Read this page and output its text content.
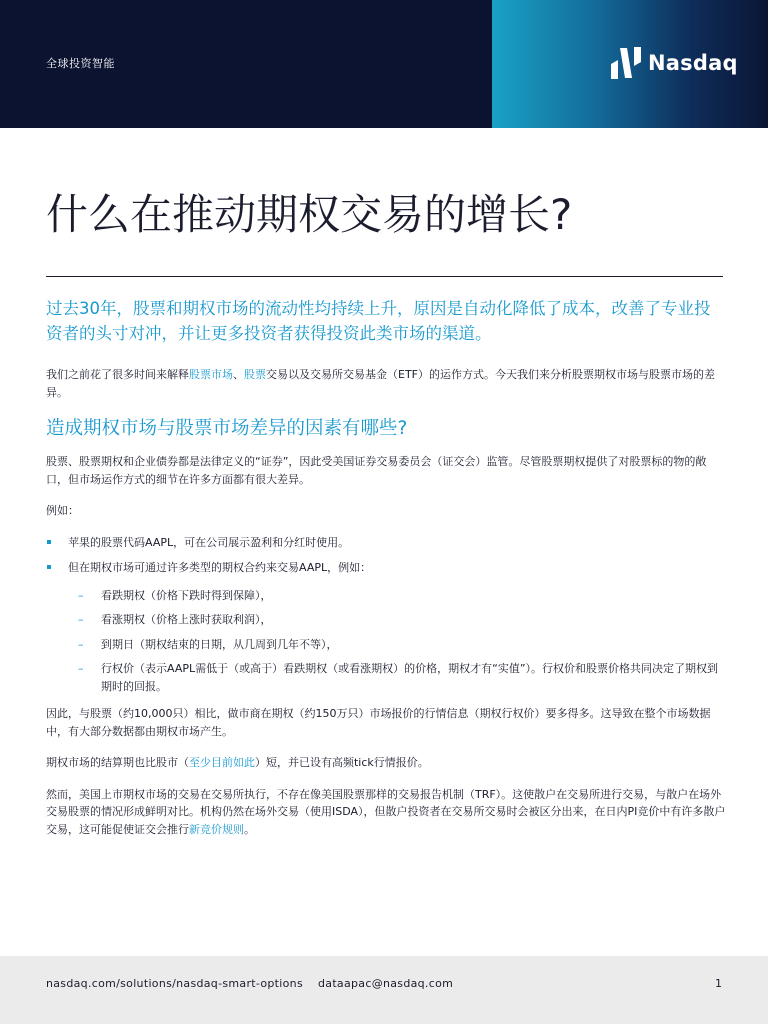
全球投资智能	Nasdaq
什么在推动期权交易的增长?

过去30年，股票和期权市场的流动性均持续上升，原因是自动化降低了成本，改善了专业投资者的头寸对冲，并让更多投资者获得投资此类市场的渠道。

我们之前花了很多时间来解释股票市场、股票交易以及交易所交易基金（ETF）的运作方式。今天我们来分析股票期权市场与股票市场的差异。

造成期权市场与股票市场差异的因素有哪些?

股票、股票期权和企业债券都是法律定义的“证券”，因此受美国证券交易委员会（证交会）监管。尽管股票期权提供了对股票标的物的敞口，但市场运作方式的细节在许多方面都有很大差异。

例如：

苹果的股票代码AAPL，可在公司展示盈利和分红时使用。
但在期权市场可通过许多类型的期权合约来交易AAPL，例如：
– 看跌期权（价格下跌时得到保障），
– 看涨期权（价格上涨时获取利润），
– 到期日（期权结束的日期，从几周到几年不等），
– 行权价（表示AAPL需低于（或高于）看跌期权（或看涨期权）的价格，期权才有“实值”）。行权价和股票价格共同决定了期权到期时的回报。

因此，与股票（约10,000只）相比，做市商在期权（约150万只）市场报价的行情信息（期权行权价）要多得多。这导致在整个市场数据中，有大部分数据都由期权市场产生。

期权市场的结算期也比股市（至少目前如此）短，并已设有高频tick行情报价。

然而，美国上市期权市场的交易在交易所执行，不存在像美国股票那样的交易报告机制（TRF）。这使散户在交易所进行交易，与散户在场外交易股票的情况形成鲜明对比。机构仍然在场外交易（使用ISDA），但散户投资者在交易所交易时会被区分出来，在日内PI竞价中有许多散户交易，这可能促使证交会推行新竞价规则。

nasdaq.com/solutions/nasdaq-smart-options dataapac@nasdaq.com	1
